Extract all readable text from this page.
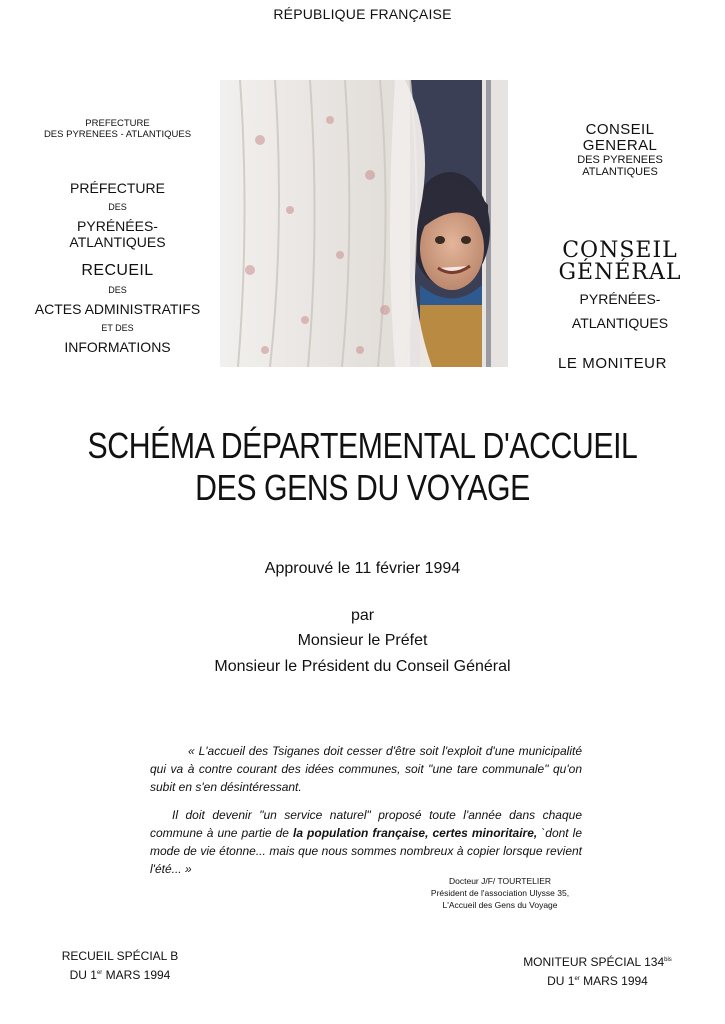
RÉPUBLIQUE FRANÇAISE
PREFECTURE
DES PYRENEES - ATLANTIQUES
PRÉFECTURE
DES
PYRÉNÉES-ATLANTIQUES
RECUEIL
DES
ACTES ADMINISTRATIFS
ET DES
INFORMATIONS
CONSEIL
GENERAL
DES PYRENEES
ATLANTIQUES
CONSEIL
GÉNÉRAL
PYRÉNÉES-
ATLANTIQUES
LE MONITEUR
SCHÉMA DÉPARTEMENTAL D'ACCUEIL
DES GENS DU VOYAGE
Approuvé le 11 février 1994
par
Monsieur le Préfet
Monsieur le Président du Conseil Général
« L'accueil des Tsiganes doit cesser d'être soit l'exploit d'une municipalité qui va à contre courant des idées communes, soit "une tare communale" qu'on subit en s'en désintéressant.
Il doit devenir "un service naturel" proposé toute l'année dans chaque commune à une partie de la population française, certes minoritaire, `dont le mode de vie étonne... mais que nous sommes nombreux à copier lorsque revient l'été... »
Docteur J/F/ TOURTELIER
Président de l'association Ulysse 35,
L'Accueil des Gens du Voyage
RECUEIL SPÉCIAL B
DU 1er MARS 1994
MONITEUR SPÉCIAL $134^{bis}$
DU 1er MARS 1994
